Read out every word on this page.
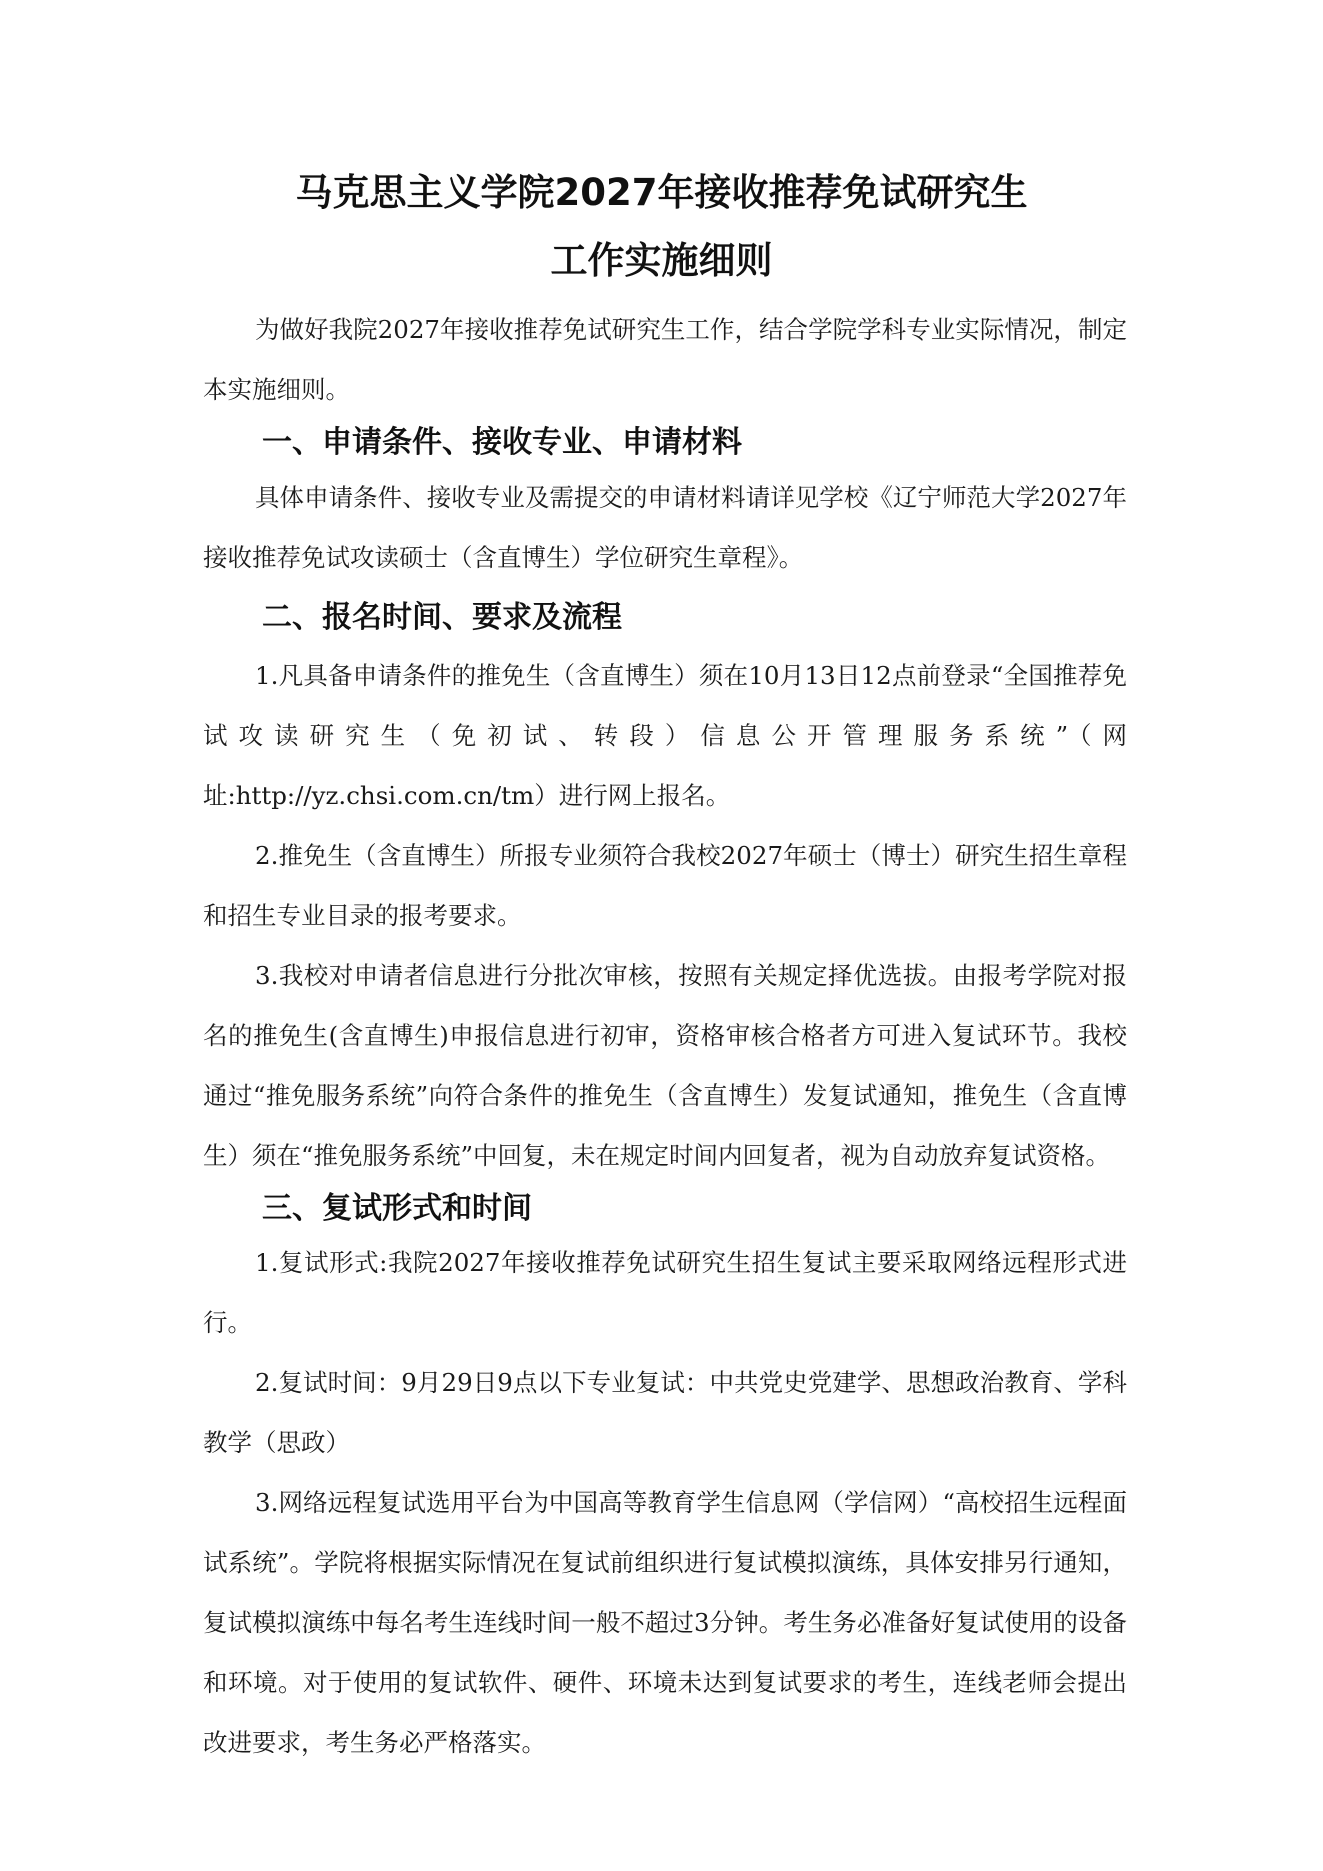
马克思主义学院2027年接收推荐免试研究生
工作实施细则

为做好我院2027年接收推荐免试研究生工作，结合学院学科专业实际情况，制定本实施细则。

一、申请条件、接收专业、申请材料

具体申请条件、接收专业及需提交的申请材料请详见学校《辽宁师范大学2027年接收推荐免试攻读硕士（含直博生）学位研究生章程》。

二、报名时间、要求及流程

1.凡具备申请条件的推免生（含直博生）须在10月13日12点前登录“全国推荐免试攻读研究生（免初试、转段）信息公开管理服务系统”（网址:http://yz.chsi.com.cn/tm）进行网上报名。

2.推免生（含直博生）所报专业须符合我校2027年硕士（博士）研究生招生章程和招生专业目录的报考要求。

3.我校对申请者信息进行分批次审核，按照有关规定择优选拔。由报考学院对报名的推免生(含直博生)申报信息进行初审，资格审核合格者方可进入复试环节。我校通过“推免服务系统”向符合条件的推免生（含直博生）发复试通知，推免生（含直博生）须在“推免服务系统”中回复，未在规定时间内回复者，视为自动放弃复试资格。

三、复试形式和时间

1.复试形式:我院2027年接收推荐免试研究生招生复试主要采取网络远程形式进行。

2.复试时间：9月29日9点以下专业复试：中共党史党建学、思想政治教育、学科教学（思政）

3.网络远程复试选用平台为中国高等教育学生信息网（学信网）“高校招生远程面试系统”。学院将根据实际情况在复试前组织进行复试模拟演练，具体安排另行通知，复试模拟演练中每名考生连线时间一般不超过3分钟。考生务必准备好复试使用的设备和环境。对于使用的复试软件、硬件、环境未达到复试要求的考生，连线老师会提出改进要求，考生务必严格落实。
